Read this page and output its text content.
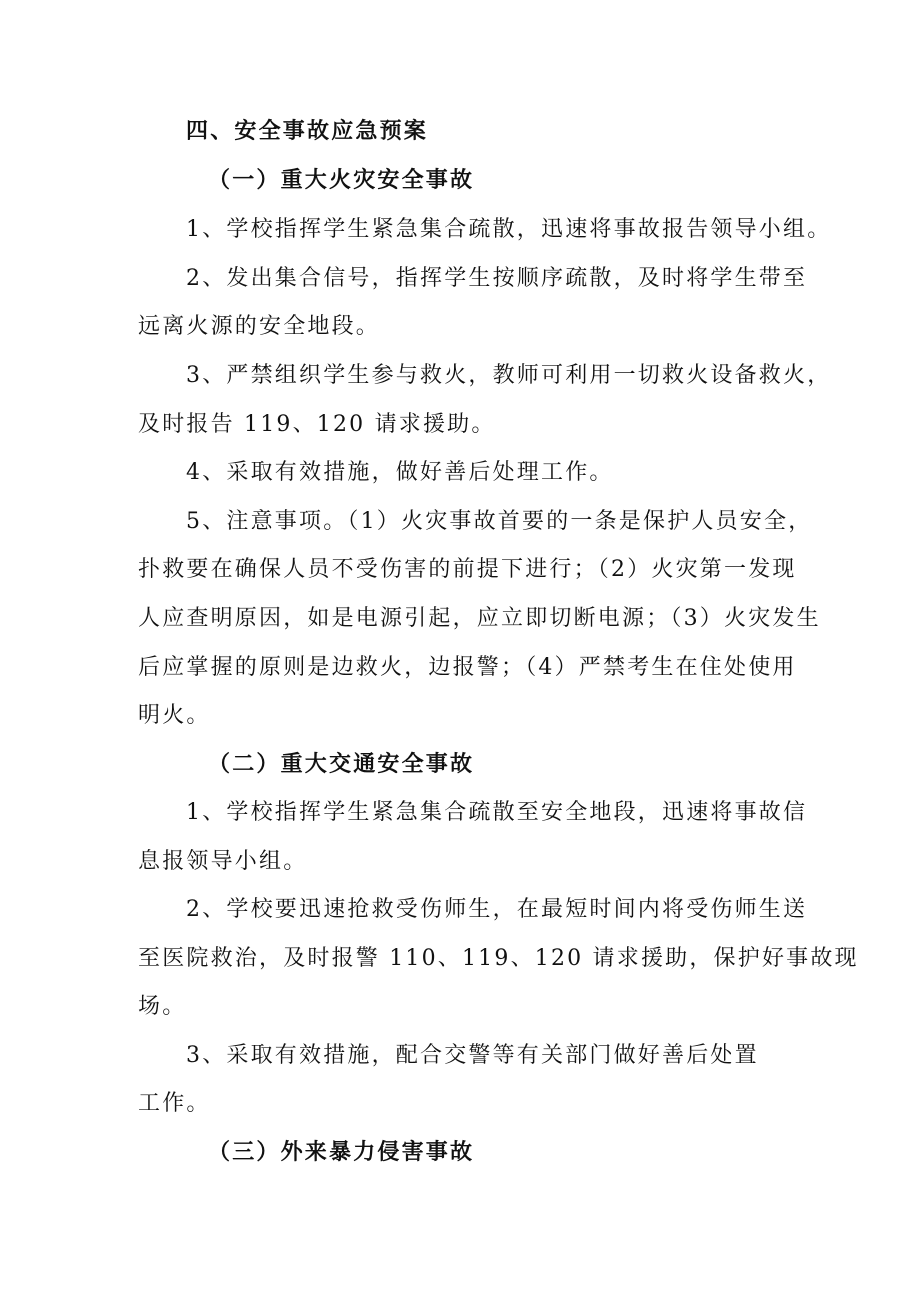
四、安全事故应急预案
（一）重大火灾安全事故
1、学校指挥学生紧急集合疏散，迅速将事故报告领导小组。
2、发出集合信号，指挥学生按顺序疏散，及时将学生带至
远离火源的安全地段。
3、严禁组织学生参与救火，教师可利用一切救火设备救火，
及时报告 119、120 请求援助。
4、采取有效措施，做好善后处理工作。
5、注意事项。（1）火灾事故首要的一条是保护人员安全，
扑救要在确保人员不受伤害的前提下进行；（2）火灾第一发现
人应查明原因，如是电源引起，应立即切断电源；（3）火灾发生
后应掌握的原则是边救火，边报警；（4）严禁考生在住处使用
明火。
（二）重大交通安全事故
1、学校指挥学生紧急集合疏散至安全地段，迅速将事故信
息报领导小组。
2、学校要迅速抢救受伤师生，在最短时间内将受伤师生送
至医院救治，及时报警 110、119、120 请求援助，保护好事故现
场。
3、采取有效措施，配合交警等有关部门做好善后处置
工作。
（三）外来暴力侵害事故
